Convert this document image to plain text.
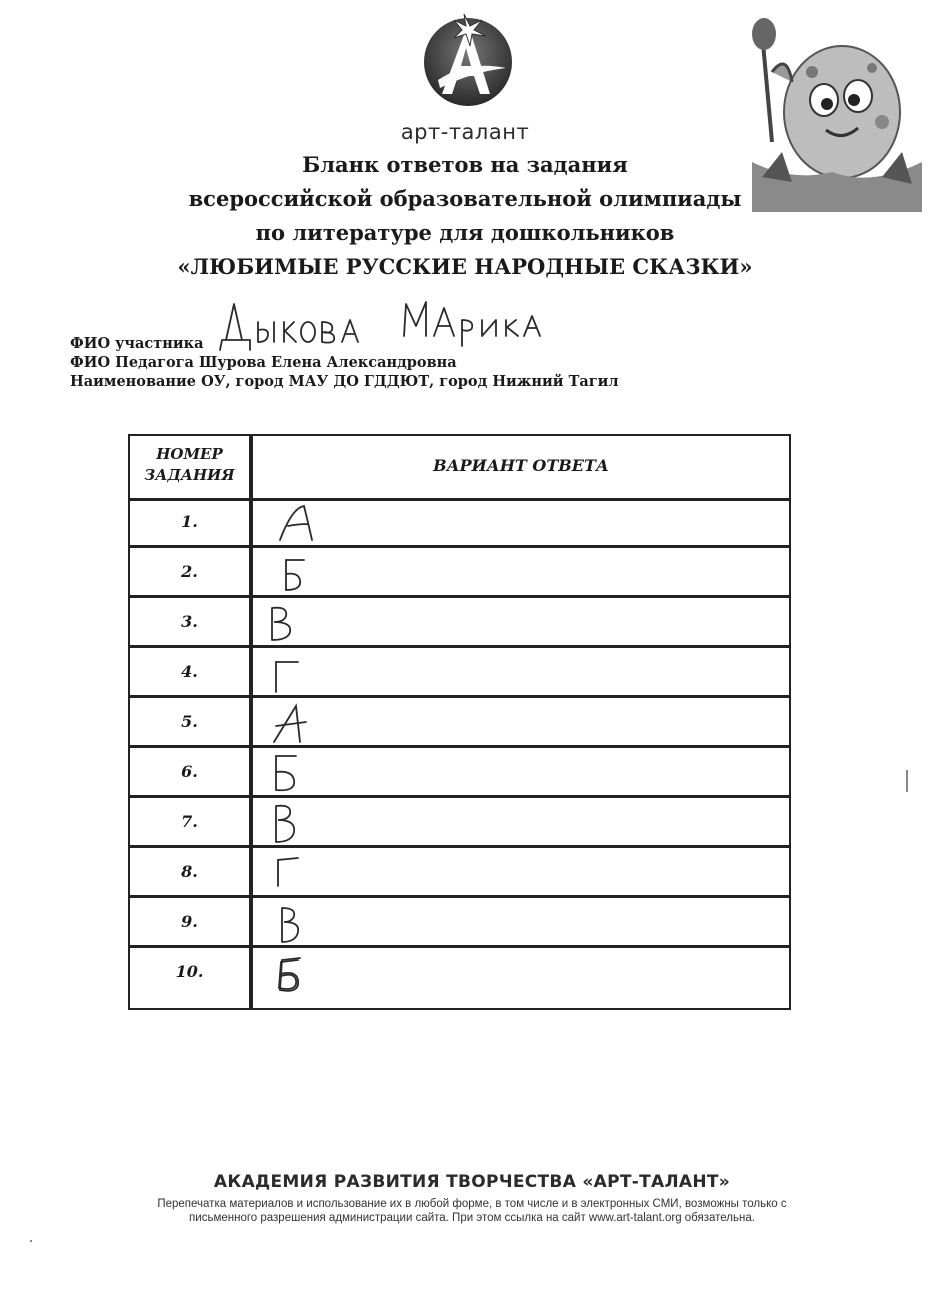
арт-талант
Бланк ответов на задания
всероссийской образовательной олимпиады
по литературе для дошкольников
«ЛЮБИМЫЕ РУССКИЕ НАРОДНЫЕ СКАЗКИ»
ФИО участника
ФИО Педагога Шурова Елена Александровна
Наименование ОУ, город МАУ ДО ГДДЮТ, город Нижний Тагил
НОМЕР
ЗАДАНИЯ	ВАРИАНТ ОТВЕТА
1.
2.
3.
4.
5.
6.
7.
8.
9.
10.
АКАДЕМИЯ РАЗВИТИЯ ТВОРЧЕСТВА «АРТ-ТАЛАНТ»
Перепечатка материалов и использование их в любой форме, в том числе и в электронных СМИ, возможны только с
письменного разрешения администрации сайта. При этом ссылка на сайт www.art-talant.org обязательна.
